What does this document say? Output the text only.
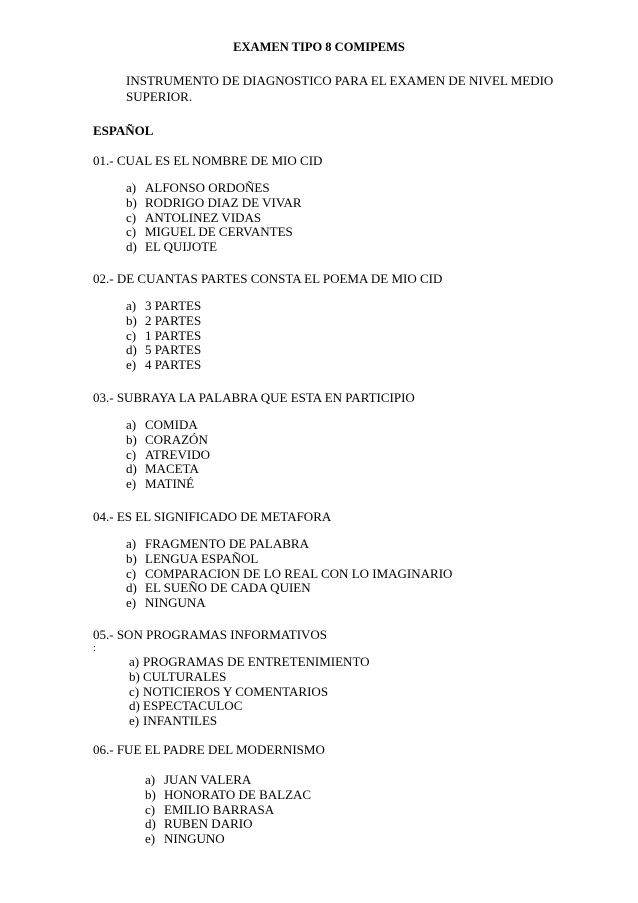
EXAMEN TIPO 8 COMIPEMS
INSTRUMENTO DE DIAGNOSTICO PARA EL EXAMEN DE NIVEL MEDIO
SUPERIOR.
ESPAÑOL
:
01.- CUAL ES EL NOMBRE DE MIO CID
a) ALFONSO ORDOÑES
b) RODRIGO DIAZ DE VIVAR
c) ANTOLINEZ VIDAS
c) MIGUEL DE CERVANTES
d) EL QUIJOTE
02.- DE CUANTAS PARTES CONSTA EL POEMA DE MIO CID
a) 3 PARTES
b) 2 PARTES
c) 1 PARTES
d) 5 PARTES
e) 4 PARTES
03.- SUBRAYA LA PALABRA QUE ESTA EN PARTICIPIO
a) COMIDA
b) CORAZÓN
c) ATREVIDO
d) MACETA
e) MATINÉ
04.- ES EL SIGNIFICADO DE METAFORA
a) FRAGMENTO DE PALABRA
b) LENGUA ESPAÑOL
c) COMPARACION DE LO REAL CON LO IMAGINARIO
d) EL SUEÑO DE CADA QUIEN
e) NINGUNA
05.- SON PROGRAMAS INFORMATIVOS
a) PROGRAMAS DE ENTRETENIMIENTO
b) CULTURALES
c) NOTICIEROS Y COMENTARIOS
d) ESPECTACULOC
e) INFANTILES
06.- FUE EL PADRE DEL MODERNISMO
a) JUAN VALERA
b) HONORATO DE BALZAC
c) EMILIO BARRASA
d) RUBEN DARIO
e) NINGUNO
